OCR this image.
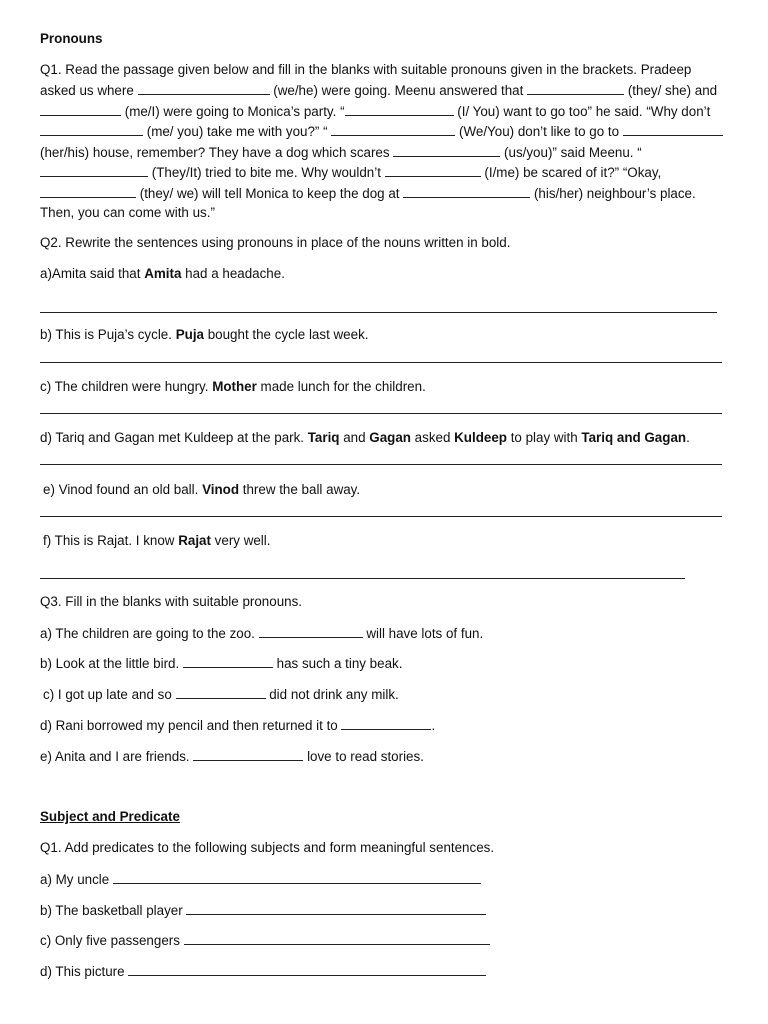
Pronouns
Q1. Read the passage given below and fill in the blanks with suitable pronouns given in the brackets. Pradeep
asked us where	(we/he) were going. Meenu answered that	(they/ she) and
(me/I) were going to Monica’s party. “	(I/ You) want to go too” he said. “Why don’t
(me/ you) take me with you?” “	(We/You) don’t like to go to
(her/his) house, remember? They have a dog which scares	(us/you)” said Meenu. “
(They/It) tried to bite me. Why wouldn’t	(I/me) be scared of it?” “Okay,
(they/ we) will tell Monica to keep the dog at	(his/her) neighbour’s place.
Then, you can come with us.”
Q2. Rewrite the sentences using pronouns in place of the nouns written in bold.
a)Amita said that Amita had a headache.
b) This is Puja’s cycle. Puja bought the cycle last week.
c) The children were hungry. Mother made lunch for the children.
d) Tariq and Gagan met Kuldeep at the park. Tariq and Gagan asked Kuldeep to play with Tariq and Gagan.
e) Vinod found an old ball. Vinod threw the ball away.
f) This is Rajat. I know Rajat very well.
Q3. Fill in the blanks with suitable pronouns.
a) The children are going to the zoo.	will have lots of fun.
b) Look at the little bird.	has such a tiny beak.
c) I got up late and so	did not drink any milk.
d) Rani borrowed my pencil and then returned it to	.
e) Anita and I are friends.	love to read stories.
Subject and Predicate
Q1. Add predicates to the following subjects and form meaningful sentences.
a) My uncle
b) The basketball player
c) Only five passengers
d) This picture
